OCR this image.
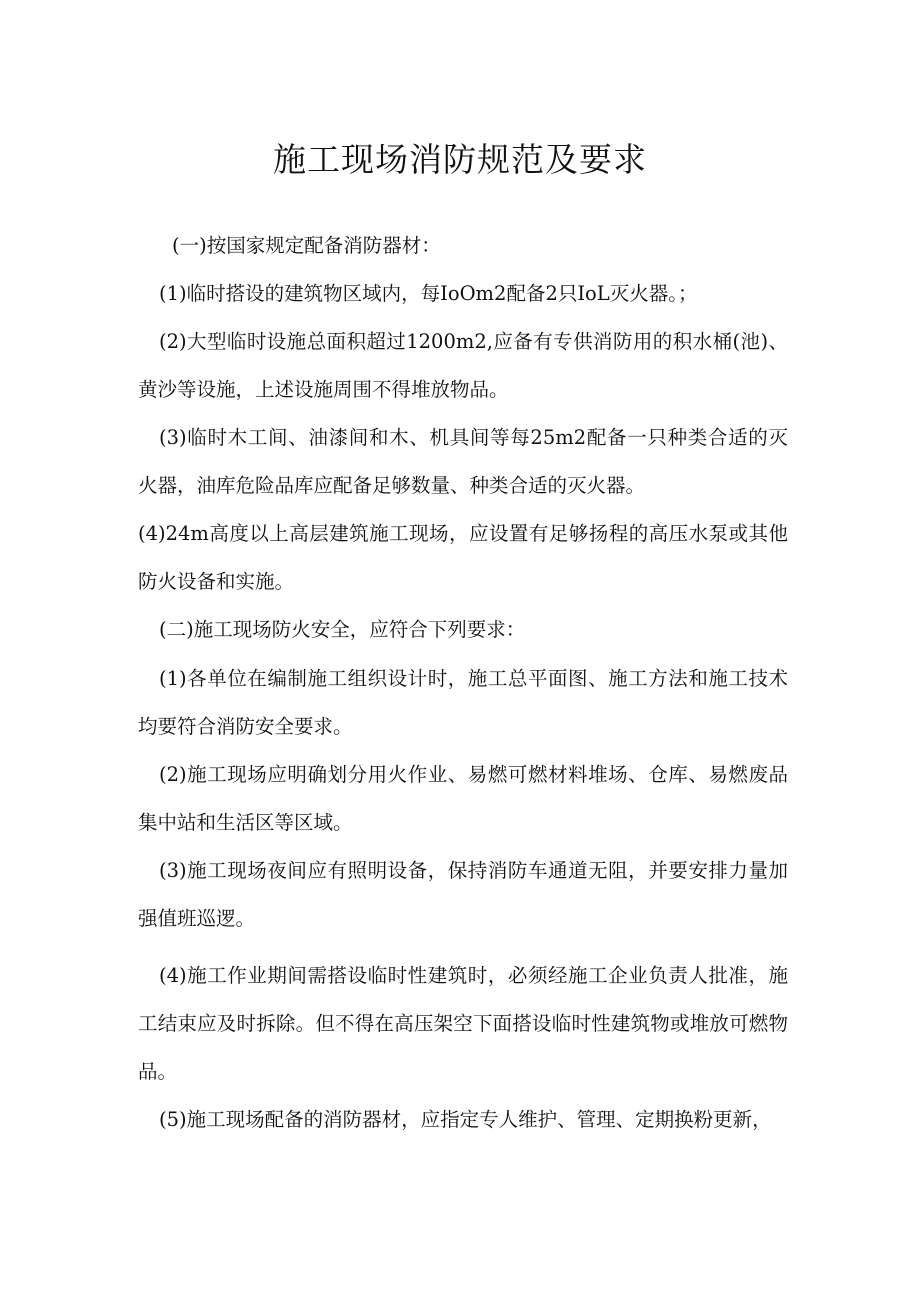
施工现场消防规范及要求

(一)按国家规定配备消防器材：

(1)临时搭设的建筑物区域内，每IoOm2配备2只IoL灭火器。；

(2)大型临时设施总面积超过1200m2,应备有专供消防用的积水桶(池)、黄沙等设施，上述设施周围不得堆放物品。

(3)临时木工间、油漆间和木、机具间等每25m2配备一只种类合适的灭火器，油库危险品库应配备足够数量、种类合适的灭火器。

(4)24m高度以上高层建筑施工现场，应设置有足够扬程的高压水泵或其他防火设备和实施。

(二)施工现场防火安全，应符合下列要求：

(1)各单位在编制施工组织设计时，施工总平面图、施工方法和施工技术均要符合消防安全要求。

(2)施工现场应明确划分用火作业、易燃可燃材料堆场、仓库、易燃废品集中站和生活区等区域。

(3)施工现场夜间应有照明设备，保持消防车通道无阻，并要安排力量加强值班巡逻。

(4)施工作业期间需搭设临时性建筑时，必须经施工企业负责人批准，施工结束应及时拆除。但不得在高压架空下面搭设临时性建筑物或堆放可燃物品。

(5)施工现场配备的消防器材，应指定专人维护、管理、定期换粉更新，
